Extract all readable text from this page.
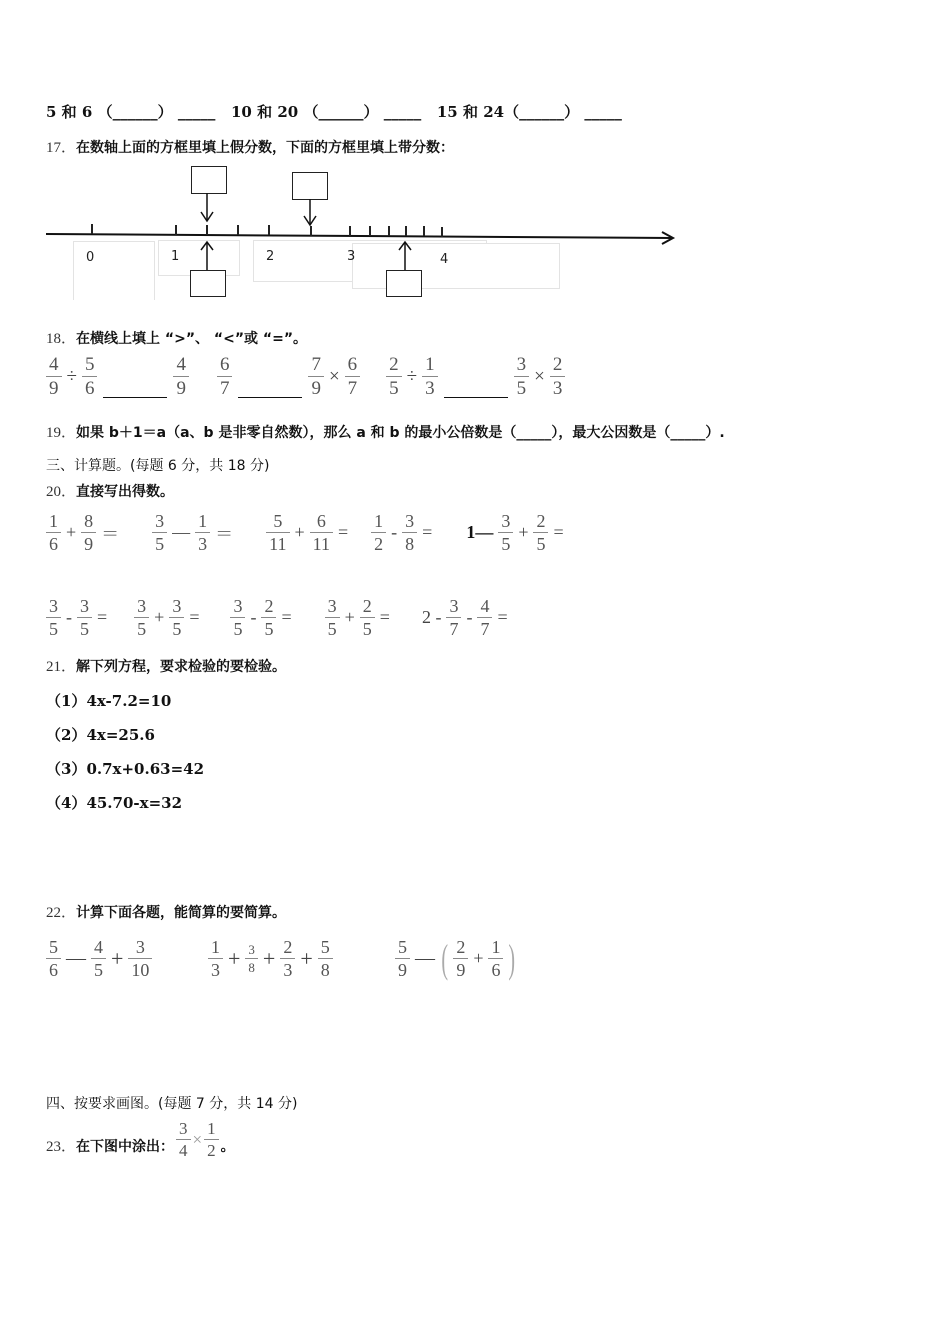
5 和 6 （______） _____ 10 和 20 （______） _____ 15 和 24（______） _____
17．在数轴上面的方框里填上假分数，下面的方框里填上带分数：
0	1	2	3	4
18．在横线上填上 “>”、 “<”或 “=”。
$\frac{4}{9} \div \frac{5}{6}$	$\frac{4}{9} \frac{6}{7}$	$\frac{7}{9} \times \frac{6}{7} \frac{2}{5} \div \frac{1}{3}$	$\frac{3}{5} \times \frac{2}{3}$
19．如果 b＋1＝a（a、b 是非零自然数），那么 a 和 b 的最小公倍数是（_____），最大公因数是（_____）.
三、计算题。(每题 6 分，共 18 分)
20．直接写出得数。
$\frac{1}{6} + \frac{8}{9} = \frac{3}{5}$ — $\frac{1}{3} = \frac{5}{11} + \frac{6}{11} = \frac{1}{2} - \frac{3}{8}$ = 1— $\frac{3}{5} + \frac{2}{5}$ =
$\frac{3}{5} - \frac{3}{5} = \frac{3}{5} + \frac{3}{5} = \frac{3}{5} - \frac{2}{5} = \frac{3}{5} + \frac{2}{5} = 2 - \frac{3}{7} - \frac{4}{7}$ =
21．解下列方程，要求检验的要检验。
（1）4x-7.2=10
（2）4x=25.6
（3）0.7x+0.63=42
（4）45.70-x=32
22．计算下面各题，能简算的要简算。
$\frac{5}{6}$ — $\frac{4}{5} + \frac{3}{10}$	$\frac{1}{3} + \frac{3}{8} + \frac{2}{3} + \frac{5}{8}$	$\frac{5}{9}$ — ( $\frac{2}{9} + \frac{1}{6}$ )
四、按要求画图。(每题 7 分，共 14 分)
23． 在下图中涂出： $\frac{3}{4} \times \frac{1}{2}$ 。
